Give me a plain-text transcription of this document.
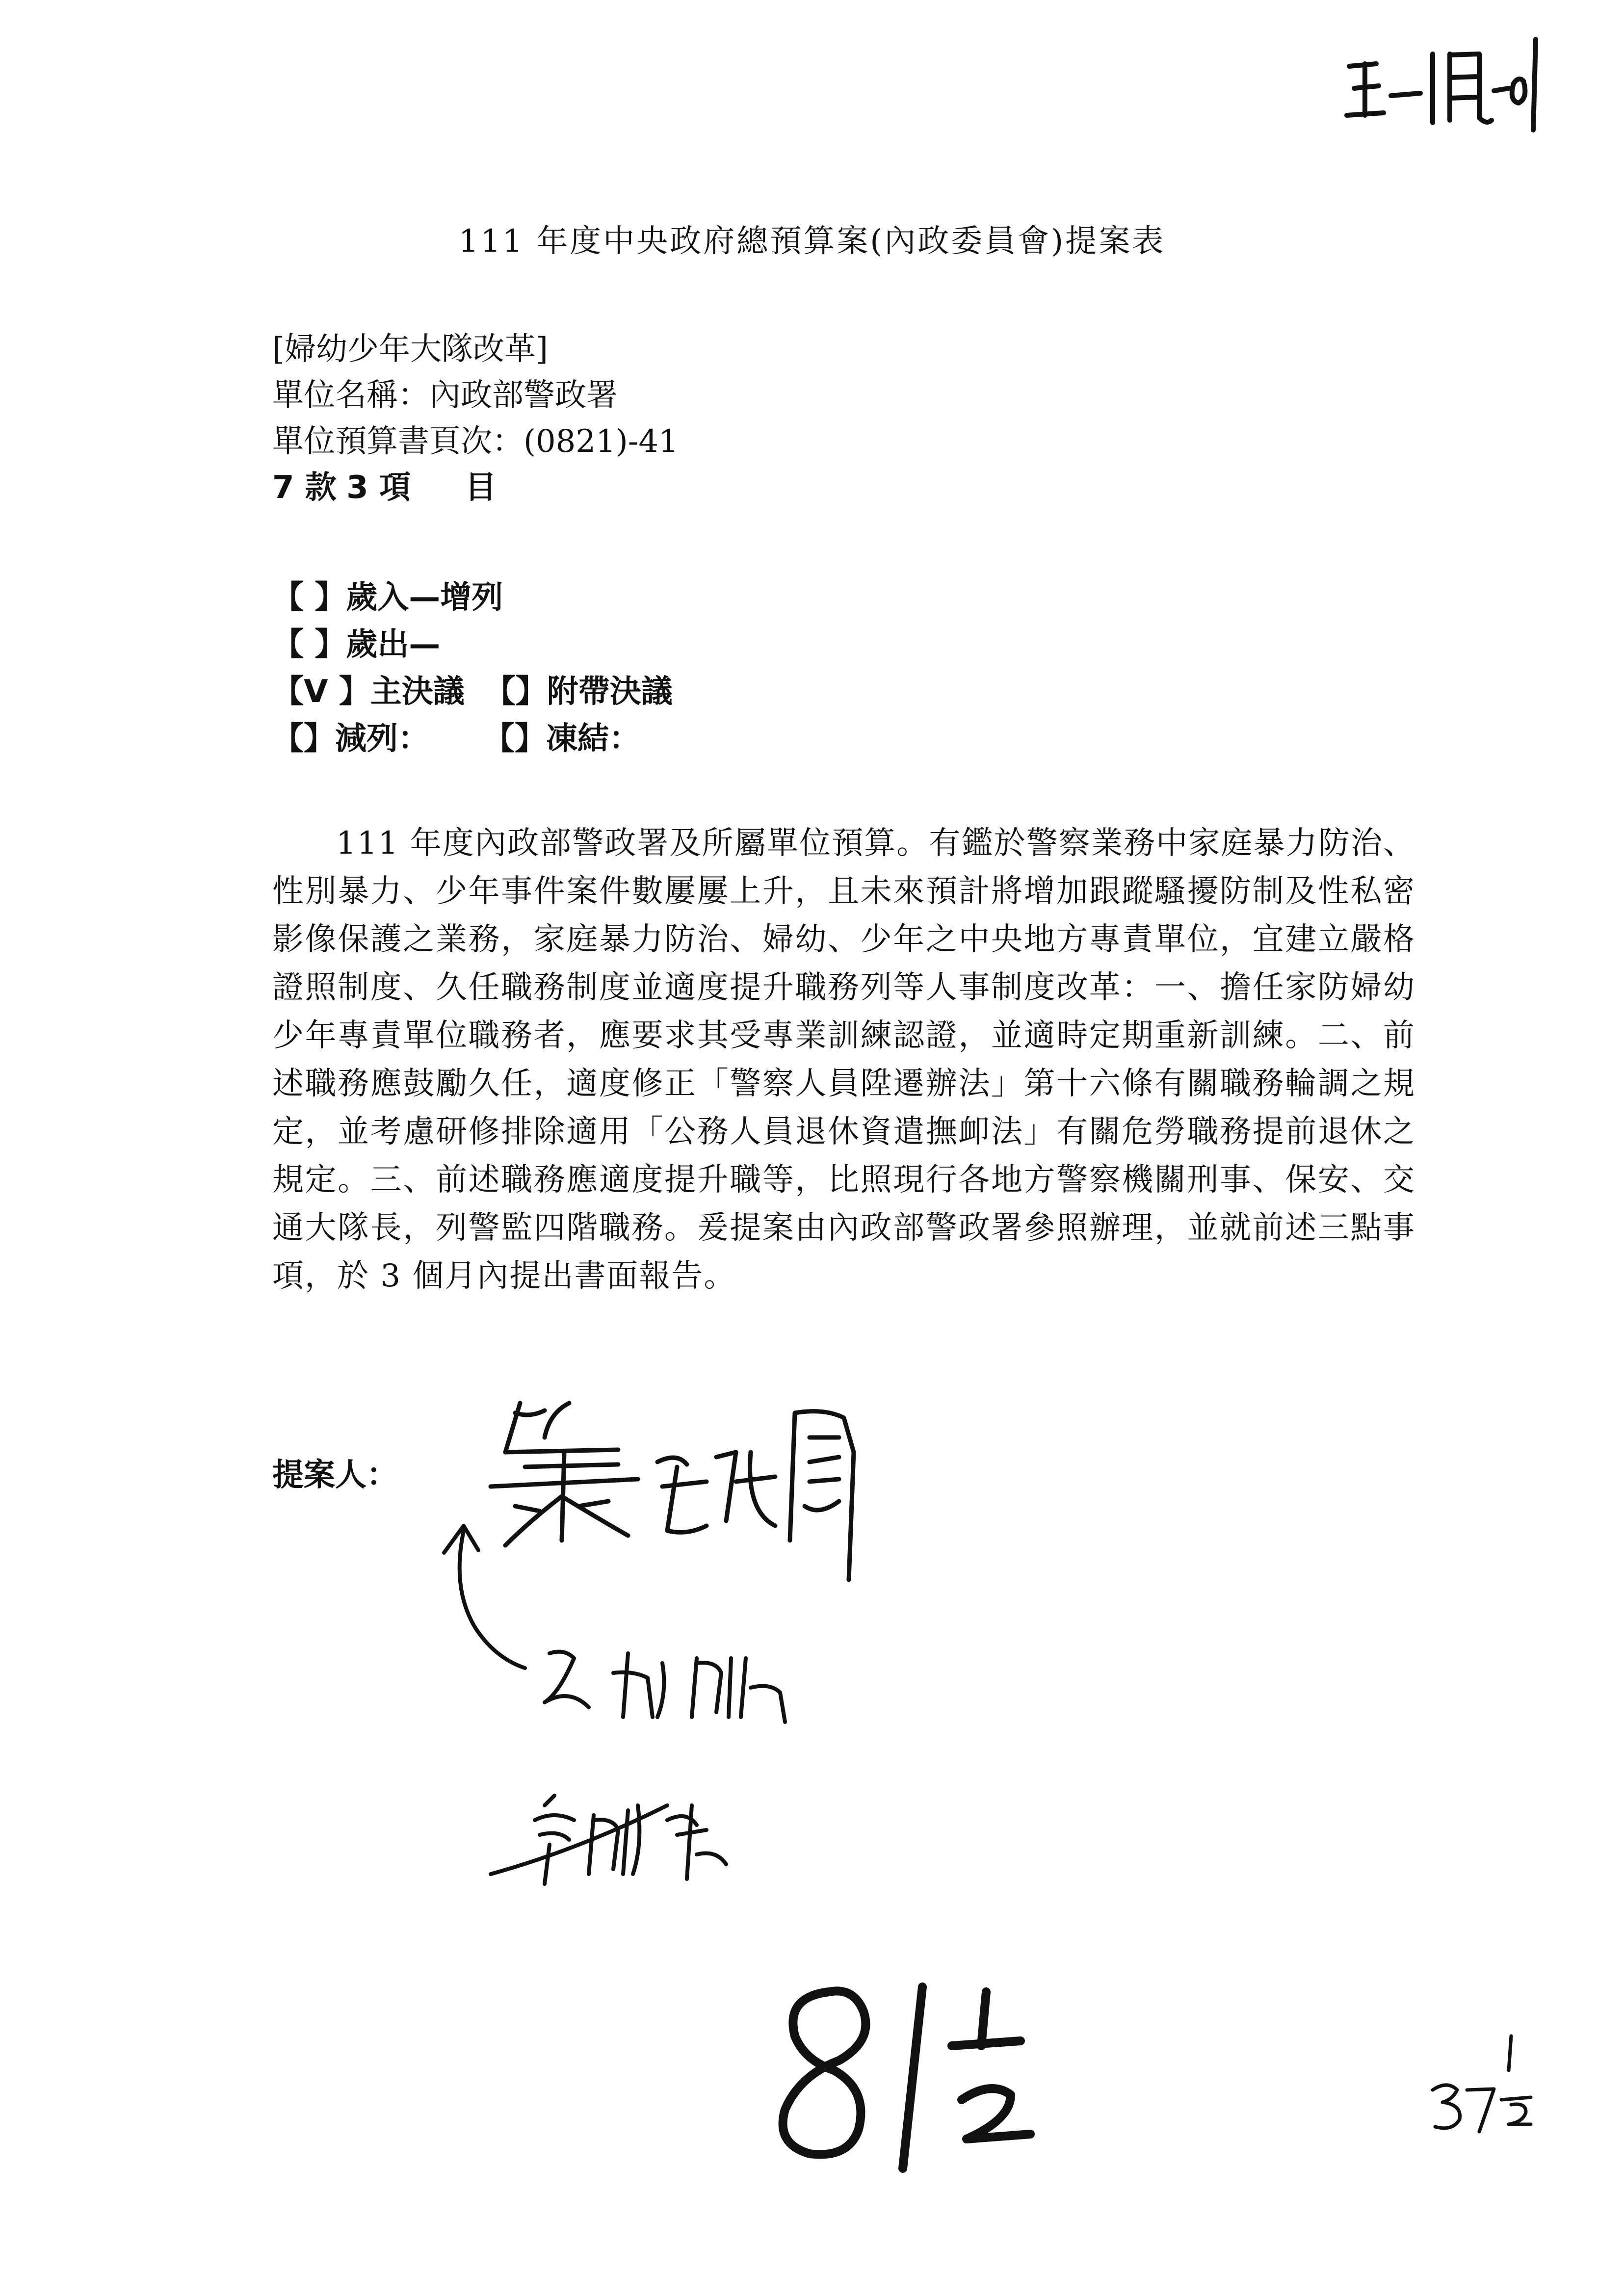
111 年度中央政府總預算案(內政委員會)提案表
[婦幼少年大隊改革]
單位名稱：內政部警政署
單位預算書頁次：(0821)-41
7 款 3 項 目
【 】歲入—增列
【 】歲出—
【V 】主決議 【】附帶決議
【】減列： 【】凍結：
111 年度內政部警政署及所屬單位預算。有鑑於警察業務中家庭暴力防治、性別暴力、少年事件案件數屢屢上升，且未來預計將增加跟蹤騷擾防制及性私密影像保護之業務，家庭暴力防治、婦幼、少年之中央地方專責單位，宜建立嚴格證照制度、久任職務制度並適度提升職務列等人事制度改革：一、擔任家防婦幼少年專責單位職務者，應要求其受專業訓練認證，並適時定期重新訓練。二、前述職務應鼓勵久任，適度修正「警察人員陞遷辦法」第十六條有關職務輪調之規定，並考慮研修排除適用「公務人員退休資遣撫卹法」有關危勞職務提前退休之規定。三、前述職務應適度提升職等，比照現行各地方警察機關刑事、保安、交通大隊長，列警監四階職務。爰提案由內政部警政署參照辦理，並就前述三點事項，於 3 個月內提出書面報告。
提案人：
